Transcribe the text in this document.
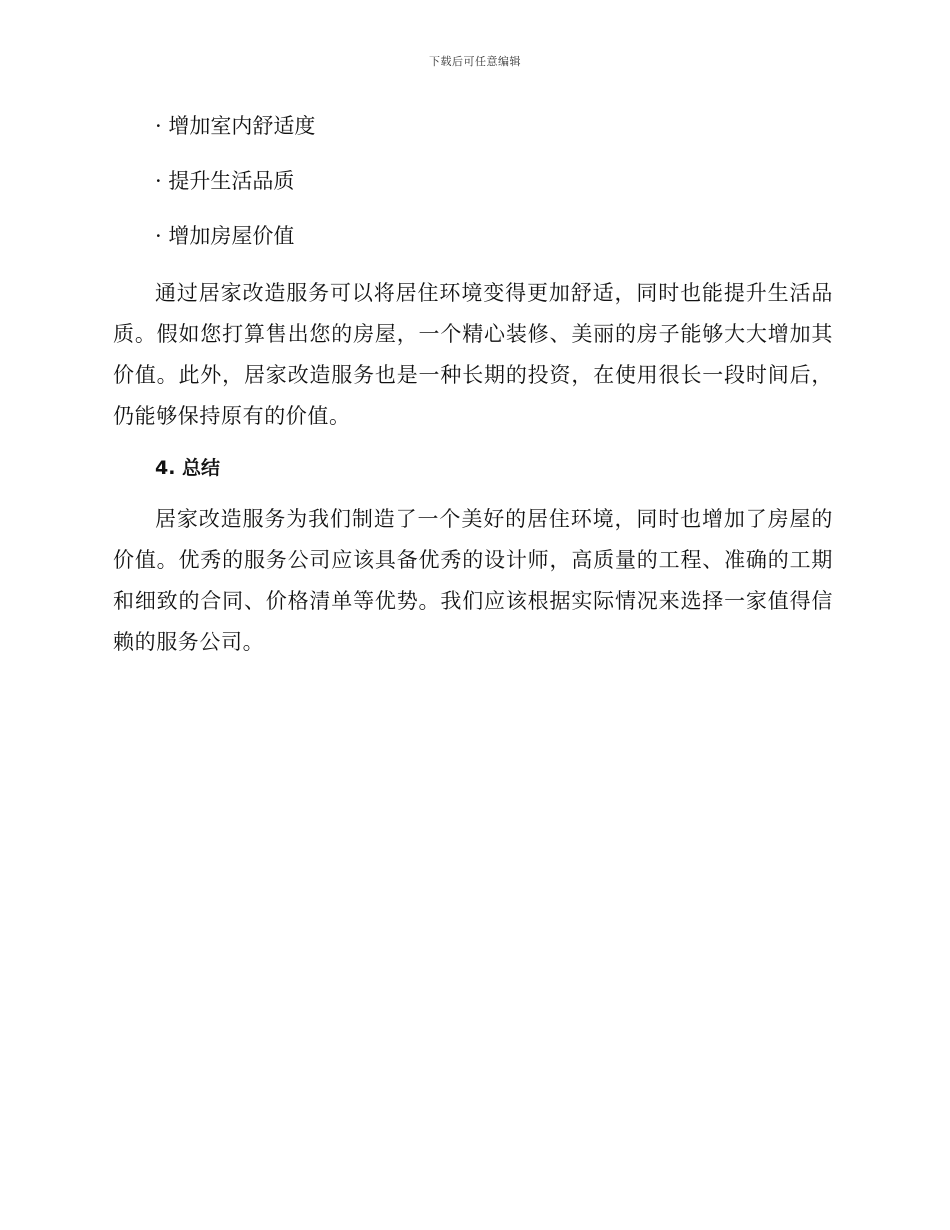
下载后可任意编辑
· 增加室内舒适度
· 提升生活品质
· 增加房屋价值

通过居家改造服务可以将居住环境变得更加舒适，同时也能提升生活品质。假如您打算售出您的房屋，一个精心装修、美丽的房子能够大大增加其价值。此外，居家改造服务也是一种长期的投资，在使用很长一段时间后，仍能够保持原有的价值。

4. 总结

居家改造服务为我们制造了一个美好的居住环境，同时也增加了房屋的价值。优秀的服务公司应该具备优秀的设计师，高质量的工程、准确的工期和细致的合同、价格清单等优势。我们应该根据实际情况来选择一家值得信赖的服务公司。
